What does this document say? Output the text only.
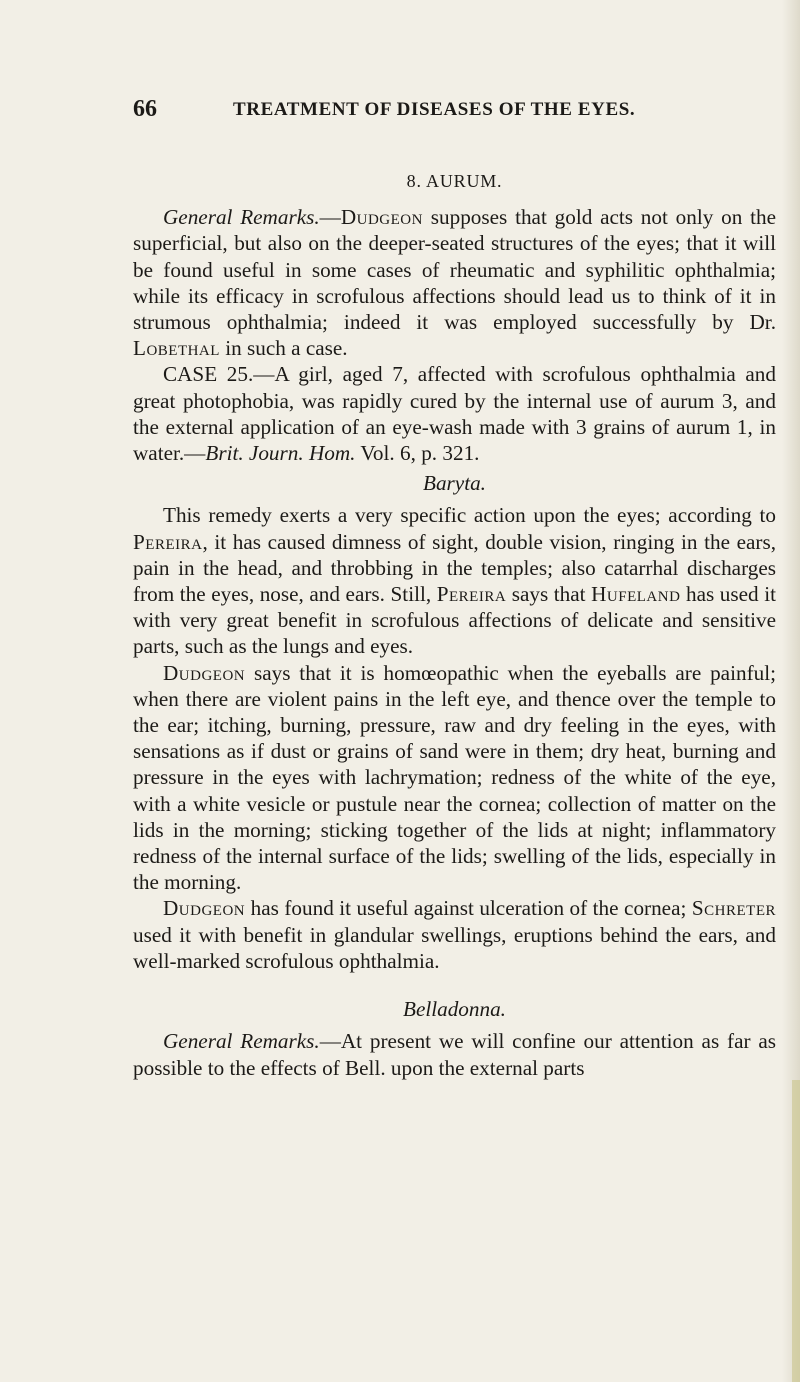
66	TREATMENT OF DISEASES OF THE EYES.
8. AURUM.

General Remarks.—Dudgeon supposes that gold acts not only on the superficial, but also on the deeper-seated structures of the eyes; that it will be found useful in some cases of rheumatic and syphilitic ophthalmia; while its efficacy in scrofulous affections should lead us to think of it in strumous ophthalmia; indeed it was employed successfully by Dr. Lobethal in such a case.

CASE 25.—A girl, aged 7, affected with scrofulous ophthalmia and great photophobia, was rapidly cured by the internal use of aurum 3, and the external application of an eye-wash made with 3 grains of aurum 1, in water.—Brit. Journ. Hom. Vol. 6, p. 321.

Baryta.

This remedy exerts a very specific action upon the eyes; according to Pereira, it has caused dimness of sight, double vision, ringing in the ears, pain in the head, and throbbing in the temples; also catarrhal discharges from the eyes, nose, and ears. Still, Pereira says that Hufeland has used it with very great benefit in scrofulous affections of delicate and sensitive parts, such as the lungs and eyes.

Dudgeon says that it is homœopathic when the eyeballs are painful; when there are violent pains in the left eye, and thence over the temple to the ear; itching, burning, pressure, raw and dry feeling in the eyes, with sensations as if dust or grains of sand were in them; dry heat, burning and pressure in the eyes with lachrymation; redness of the white of the eye, with a white vesicle or pustule near the cornea; collection of matter on the lids in the morning; sticking together of the lids at night; inflammatory redness of the internal surface of the lids; swelling of the lids, especially in the morning.

Dudgeon has found it useful against ulceration of the cornea; Schreter used it with benefit in glandular swellings, eruptions behind the ears, and well-marked scrofulous ophthalmia.

Belladonna.

General Remarks.—At present we will confine our attention as far as possible to the effects of Bell. upon the external parts
